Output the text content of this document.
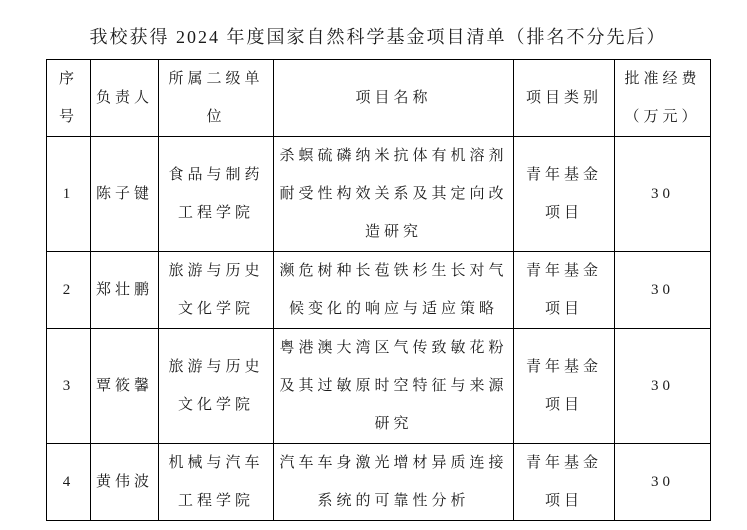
我校获得 2024 年度国家自然科学基金项目清单（排名不分先后）
序号	负责人	所属二级单位	项目名称	项目类别	批准经费（万元）
1	陈子键	食品与制药工程学院	杀螟硫磷纳米抗体有机溶剂耐受性构效关系及其定向改造研究	青年基金项目	30
2	郑壮鹏	旅游与历史文化学院	濒危树种长苞铁杉生长对气候变化的响应与适应策略	青年基金项目	30
3	覃筱馨	旅游与历史文化学院	粤港澳大湾区气传致敏花粉及其过敏原时空特征与来源研究	青年基金项目	30
4	黄伟波	机械与汽车工程学院	汽车车身激光增材异质连接系统的可靠性分析	青年基金项目	30
